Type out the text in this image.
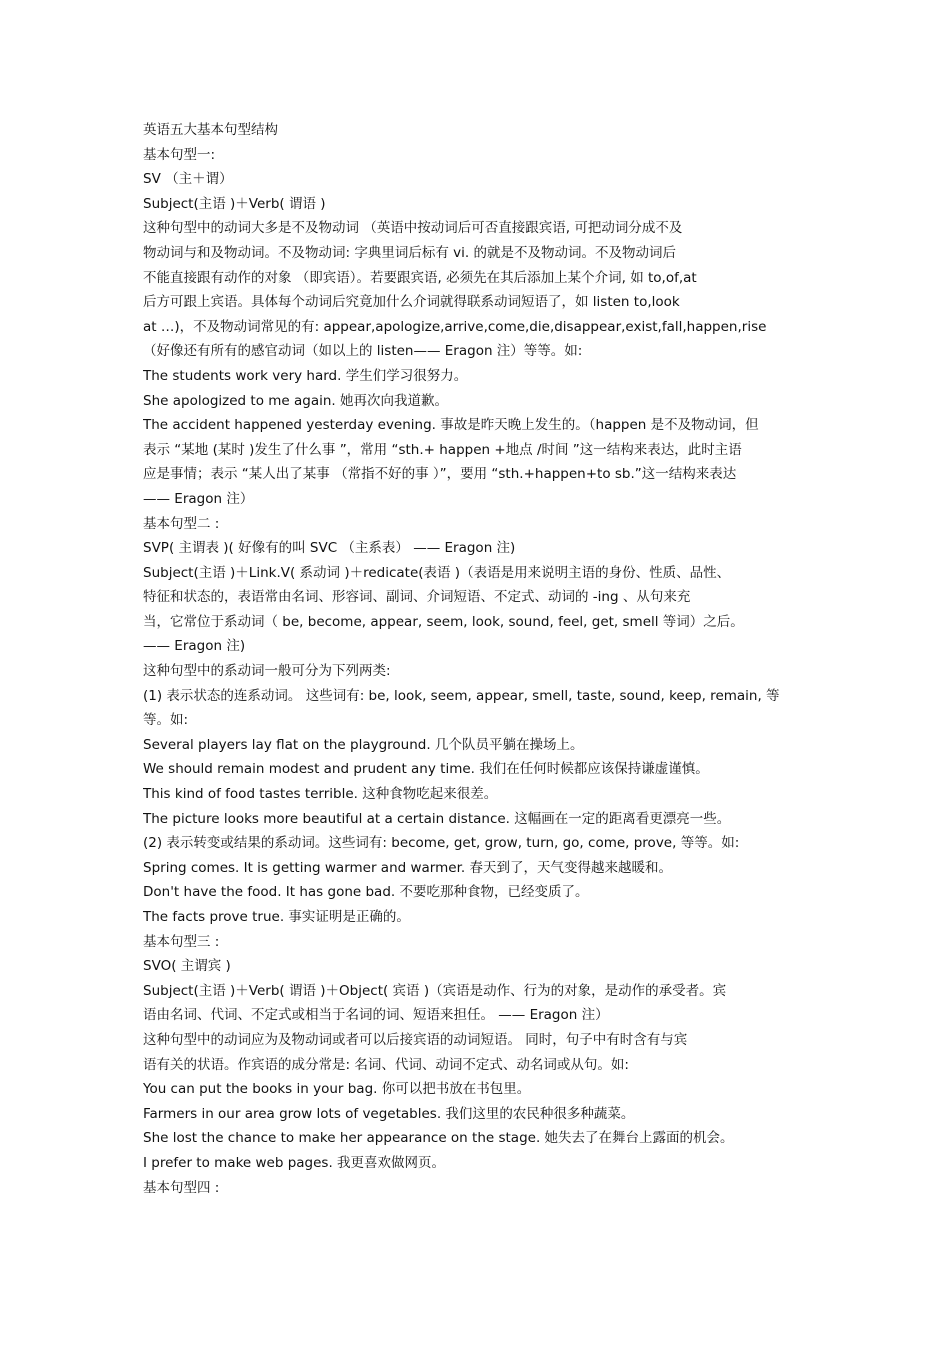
英语五大基本句型结构
基本句型一:
SV （主＋谓）
Subject(主语 )＋Verb( 谓语 )
这种句型中的动词大多是不及物动词 （英语中按动词后可否直接跟宾语, 可把动词分成不及
物动词与和及物动词。不及物动词: 字典里词后标有 vi. 的就是不及物动词。不及物动词后
不能直接跟有动作的对象 （即宾语）。若要跟宾语, 必须先在其后添加上某个介词, 如 to,of,at
后方可跟上宾语。具体每个动词后究竟加什么介词就得联系动词短语了，如 listen to,look
at …)，不及物动词常见的有: appear,apologize,arrive,come,die,disappear,exist,fall,happen,rise
（好像还有所有的感官动词（如以上的 listen—— Eragon 注）等等。如:
The students work very hard. 学生们学习很努力。
She apologized to me again. 她再次向我道歉。
The accident happened yesterday evening. 事故是昨天晚上发生的。（happen 是不及物动词，但
表示 “某地 (某时 )发生了什么事 ”，常用 “sth.+ happen +地点 /时间 ”这一结构来表达，此时主语
应是事情；表示 “某人出了某事 （常指不好的事 ）”，要用 “sth.+happen+to sb.”这一结构来表达
—— Eragon 注）
基本句型二 :
SVP( 主谓表 )( 好像有的叫 SVC （主系表） —— Eragon 注)
Subject(主语 )＋Link.V( 系动词 )＋redicate(表语 )（表语是用来说明主语的身份、性质、品性、
特征和状态的，表语常由名词、形容词、副词、介词短语、不定式、动词的 -ing 、从句来充
当，它常位于系动词（ be, become, appear, seem, look, sound, feel, get, smell 等词）之后。
—— Eragon 注)
这种句型中的系动词一般可分为下列两类:
(1) 表示状态的连系动词。 这些词有: be, look, seem, appear, smell, taste, sound, keep, remain, 等
等。如:
Several players lay flat on the playground. 几个队员平躺在操场上。
We should remain modest and prudent any time. 我们在任何时候都应该保持谦虚谨慎。
This kind of food tastes terrible. 这种食物吃起来很差。
The picture looks more beautiful at a certain distance. 这幅画在一定的距离看更漂亮一些。
(2) 表示转变或结果的系动词。这些词有: become, get, grow, turn, go, come, prove, 等等。如:
Spring comes. It is getting warmer and warmer. 春天到了，天气变得越来越暖和。
Don't have the food. It has gone bad. 不要吃那种食物，已经变质了。
The facts prove true. 事实证明是正确的。
基本句型三 :
SVO( 主谓宾 )
Subject(主语 )＋Verb( 谓语 )＋Object( 宾语 )（宾语是动作、行为的对象，是动作的承受者。宾
语由名词、代词、不定式或相当于名词的词、短语来担任。 —— Eragon 注）
这种句型中的动词应为及物动词或者可以后接宾语的动词短语。 同时，句子中有时含有与宾
语有关的状语。作宾语的成分常是: 名词、代词、动词不定式、动名词或从句。如:
You can put the books in your bag. 你可以把书放在书包里。
Farmers in our area grow lots of vegetables. 我们这里的农民种很多种蔬菜。
She lost the chance to make her appearance on the stage. 她失去了在舞台上露面的机会。
I prefer to make web pages. 我更喜欢做网页。
基本句型四 :
